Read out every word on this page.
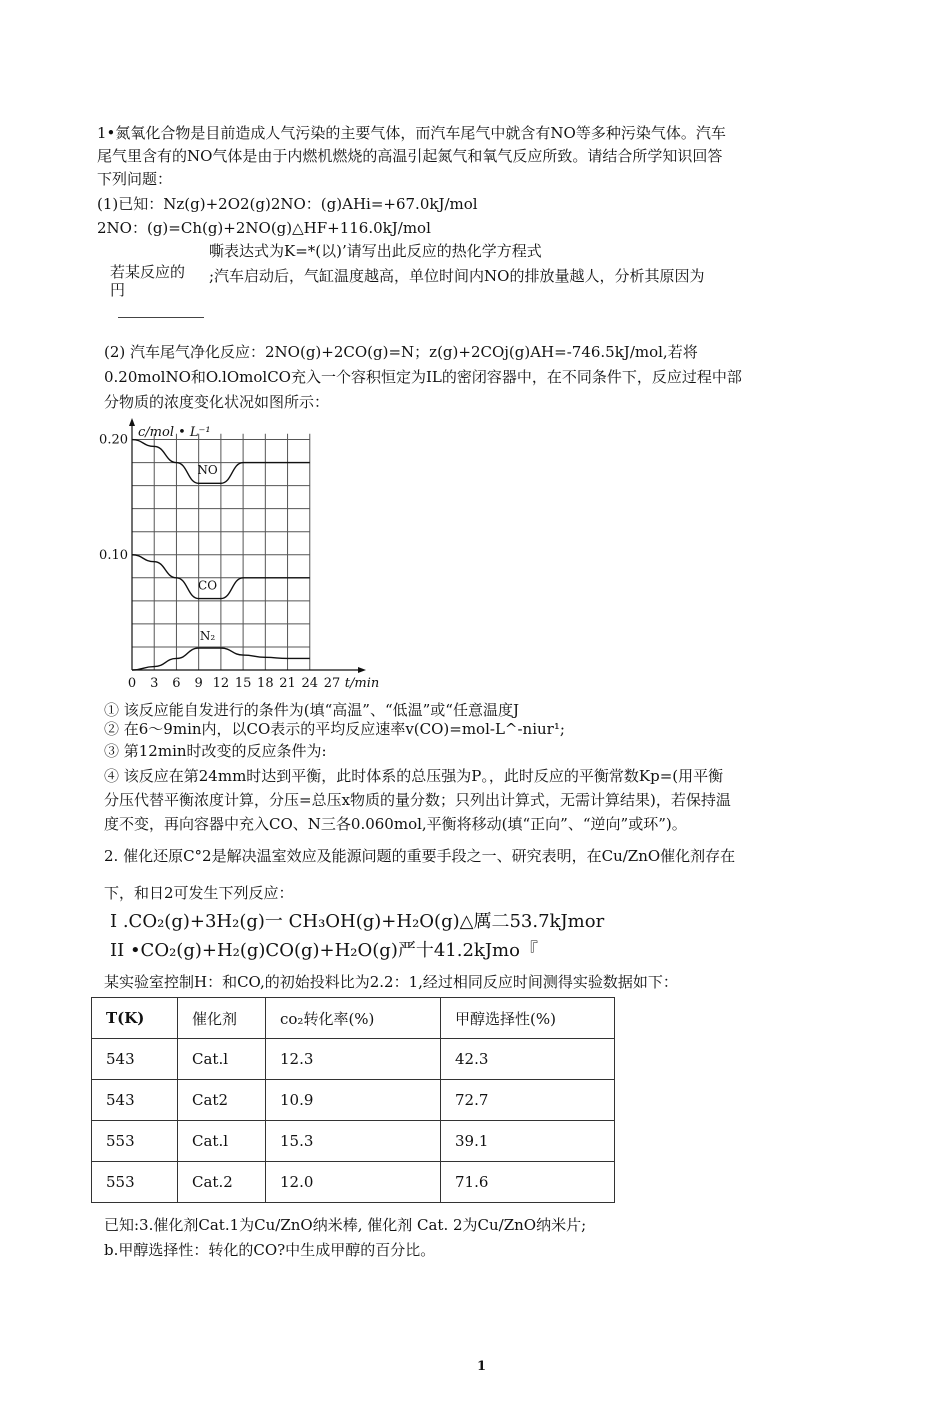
1•氮氧化合物是目前造成人气污染的主要气体，而汽车尾气中就含有NO等多种污染气体。汽车
尾气里含有的NO气体是由于内燃机燃烧的高温引起氮气和氧气反应所致。请结合所学知识回答
下列问题：
(1)已知：Nz(g)+2O2(g)2NO：(g)AHi=+67.0kJ/mol
2NO：(g)=Ch(g)+2NO(g)△HF+116.0kJ/mol
嘶表达式为K=*(以)’请写出此反应的热化学方程式
若某反应的 ;汽车启动后，气缸温度越高，单位时间内NO的排放量越人，分析其原因为
円
(2) 汽车尾气净化反应：2NO(g)+2CO(g)=N；z(g)+2COj(g)AH=-746.5kJ/mol,若将
0.20molNO和O.lOmolCO充入一个容积恒定为IL的密闭容器中，在不同条件下，反应过程中部
分物质的浓度变化状况如图所示：
NO
CO
N₂
0.10
0.20
0 3 6 9 12 15 18 21 24 27
c/mol • L⁻¹
t/min
① 该反应能自发进行的条件为(填“高温”、“低温”或“任意温度J
② 在6〜9min内，以CO表示的平均反应速率v(CO)=mol-L^-niur¹;
③ 第12min时改变的反应条件为:
④ 该反应在第24mm时达到平衡，此时体系的总压强为P。，此时反应的平衡常数Kp=(用平衡
分压代替平衡浓度计算，分压=总压x物质的量分数；只列出计算式，无需计算结果)，若保持温
度不变，再向容器中充入CO、N三各0.060mol,平衡将移动(填“正向”、“逆向”或环”)。
2. 催化还原C°2是解决温室效应及能源问题的重要手段之一、研究表明，在Cu/ZnO催化剂存在
下，和日2可发生下列反应：
I .CO₂(g)+3H₂(g)一 CH₃OH(g)+H₂O(g)△厲二53.7kJmor
II •CO₂(g)+H₂(g)CO(g)+H₂O(g)严十41.2kJmo『
某实验室控制H：和CO,的初始投料比为2.2：1,经过相同反应时间测得实验数据如下：
T(K)	催化剂	co₂转化率(%)	甲醇选择性(%)
543	Cat.l	12.3	42.3
543	Cat2	10.9	72.7
553	Cat.l	15.3	39.1
553	Cat.2	12.0	71.6
已知:3.催化剂Cat.1为Cu/ZnO纳米棒, 催化剂 Cat. 2为Cu/ZnO纳米片;
b.甲醇选择性：转化的CO?中生成甲醇的百分比。
1
